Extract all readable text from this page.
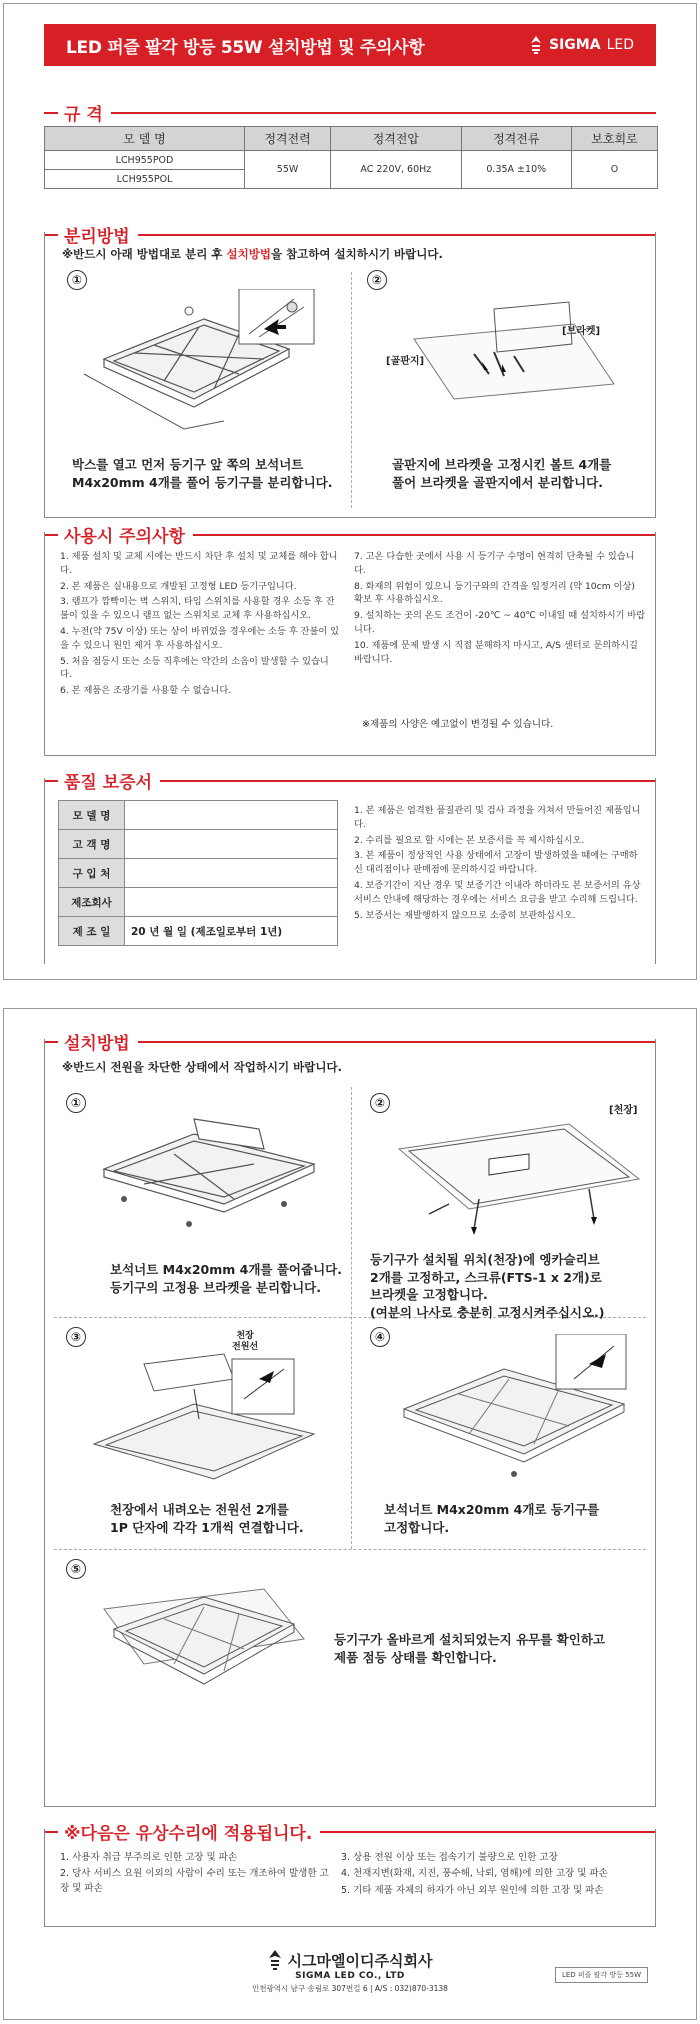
LED 퍼즐 팔각 방등 55W 설치방법 및 주의사항	SIGMA LED
규 격
모 델 명	정격전력	정격전압	정격전류	보호회로
LCH955POD	55W	AC 220V, 60Hz	0.35A ±10%	O
LCH955POL				
분리방법
※반드시 아래 방법대로 분리 후 설치방법을 참고하여 설치하시기 바랍니다.
①
박스를 열고 먼저 등기구 앞 쪽의 보석너트
M4x20mm 4개를 풀어 등기구를 분리합니다.
②
[브라켓]
[골판지]
골판지에 브라켓을 고정시킨 볼트 4개를
풀어 브라켓을 골판지에서 분리합니다.
사용시 주의사항
1. 제품 설치 및 교체 시에는 반드시 차단 후 설치 및 교체를 해야 합니다.
2. 본 제품은 실내용으로 개발된 고정형 LED 등기구입니다.
3. 램프가 깜빡이는 벽 스위치, 타임 스위치를 사용할 경우 소등 후 잔불이 있을 수 있으니 램프 없는 스위치로 교체 후 사용하십시오.
4. 누전(약 75V 이상) 또는 상이 바뀌었을 경우에는 소등 후 잔불이 있을 수 있으니 원인 제거 후 사용하십시오.
5. 처음 점등시 또는 소등 직후에는 약간의 소음이 발생할 수 있습니다.
6. 본 제품은 조광기를 사용할 수 없습니다.
7. 고온 다습한 곳에서 사용 시 등기구 수명이 현격히 단축될 수 있습니다.
8. 화재의 위험이 있으니 등기구와의 간격을 일정거리 (약 10cm 이상) 확보 후 사용하십시오.
9. 설치하는 곳의 온도 조건이 -20℃ ~ 40℃ 이내일 때 설치하시기 바랍니다.
10. 제품에 문제 발생 시 직접 분해하지 마시고, A/S 센터로 문의하시길 바랍니다.
※제품의 사양은 예고없이 변경될 수 있습니다.
품질 보증서
모 델 명	
고 객 명	
구 입 처	
제조회사	
제 조 일	20 년 월 일 (제조일로부터 1년)
1. 본 제품은 엄격한 품질관리 및 검사 과정을 거쳐서 만들어진 제품입니다.
2. 수리를 필요로 할 시에는 본 보증서를 꼭 제시하십시오.
3. 본 제품이 정상적인 사용 상태에서 고장이 발생하였을 때에는 구매하신 대리점이나 판매점에 문의하시길 바랍니다.
4. 보증기간이 지난 경우 및 보증기간 이내라 하더라도 본 보증서의 유상서비스 안내에 해당하는 경우에는 서비스 요금을 받고 수리해 드립니다.
5. 보증서는 재발행하지 않으므로 소중히 보관하십시오.
설치방법
※반드시 전원을 차단한 상태에서 작업하시기 바랍니다.
①
보석너트 M4x20mm 4개를 풀어줍니다.
등기구의 고정용 브라켓을 분리합니다.
②
[천장]
등기구가 설치될 위치(천장)에 엥카슬리브
2개를 고정하고, 스크류(FTS-1 x 2개)로
브라켓을 고정합니다.
(여분의 나사로 충분히 고정시켜주십시오.)
③	천장
전원선
천장에서 내려오는 전원선 2개를
1P 단자에 각각 1개씩 연결합니다.
④
보석너트 M4x20mm 4개로 등기구를
고정합니다.
⑤
등기구가 올바르게 설치되었는지 유무를 확인하고
제품 점등 상태를 확인합니다.
※다음은 유상수리에 적용됩니다.
1. 사용자 취급 부주의로 인한 고장 및 파손
2. 당사 서비스 요원 이외의 사람이 수리 또는 개조하여 발생한 고장 및 파손
3. 상용 전원 이상 또는 접속기기 불량으로 인한 고장
4. 천재지변(화재, 지진, 풍수해, 낙뢰, 염해)에 의한 고장 및 파손
5. 기타 제품 자체의 하자가 아닌 외부 원인에 의한 고장 및 파손
시그마엘이디주식회사
SIGMA LED CO., LTD
인천광역시 남구 송림로 307번길 6 | A/S : 032)870-3138
LED 퍼즐 팔각 방등 55W
